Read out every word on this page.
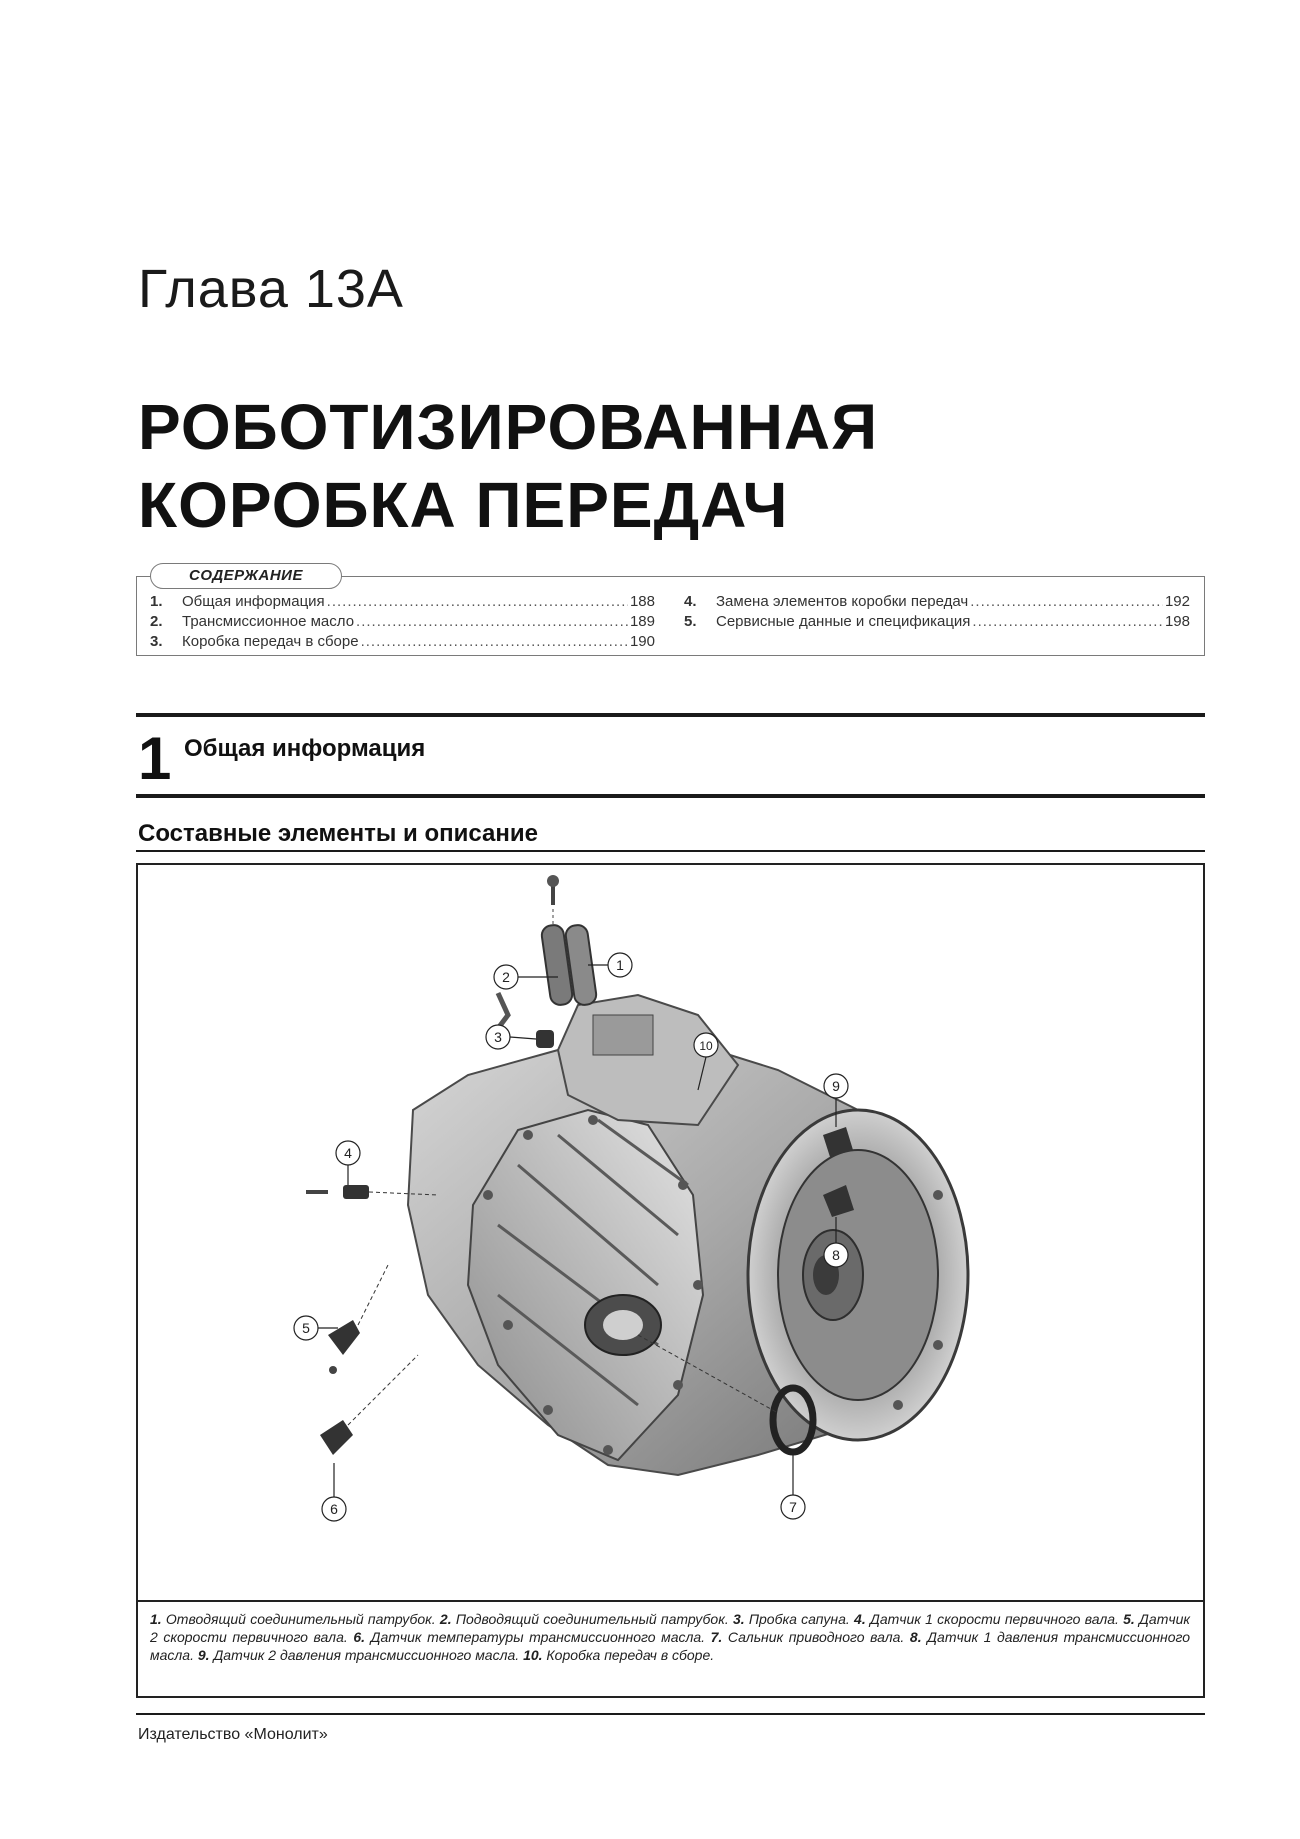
Глава 13А
РОБОТИЗИРОВАННАЯ
КОРОБКА ПЕРЕДАЧ
СОДЕРЖАНИЕ
1.	Общая информация .....	188
2.	Трансмиссионное масло .....	189
3.	Коробка передач в сборе .....	190
4.	Замена элементов коробки передач .....	192
5.	Сервисные данные и спецификация .....	198
1 Общая информация
Составные элементы и описание
1
2
3
4
5
6	7
8
9
10
1. Отводящий соединительный патрубок. 2. Подводящий соединительный патрубок. 3. Пробка сапуна. 4. Датчик 1 скорости первичного вала. 5. Датчик 2 скорости первичного вала. 6. Датчик температуры трансмиссионного масла. 7. Сальник приводного вала. 8. Датчик 1 давления трансмиссионного масла. 9. Датчик 2 давления трансмиссионного масла. 10. Коробка передач в сборе.
Издательство «Монолит»
